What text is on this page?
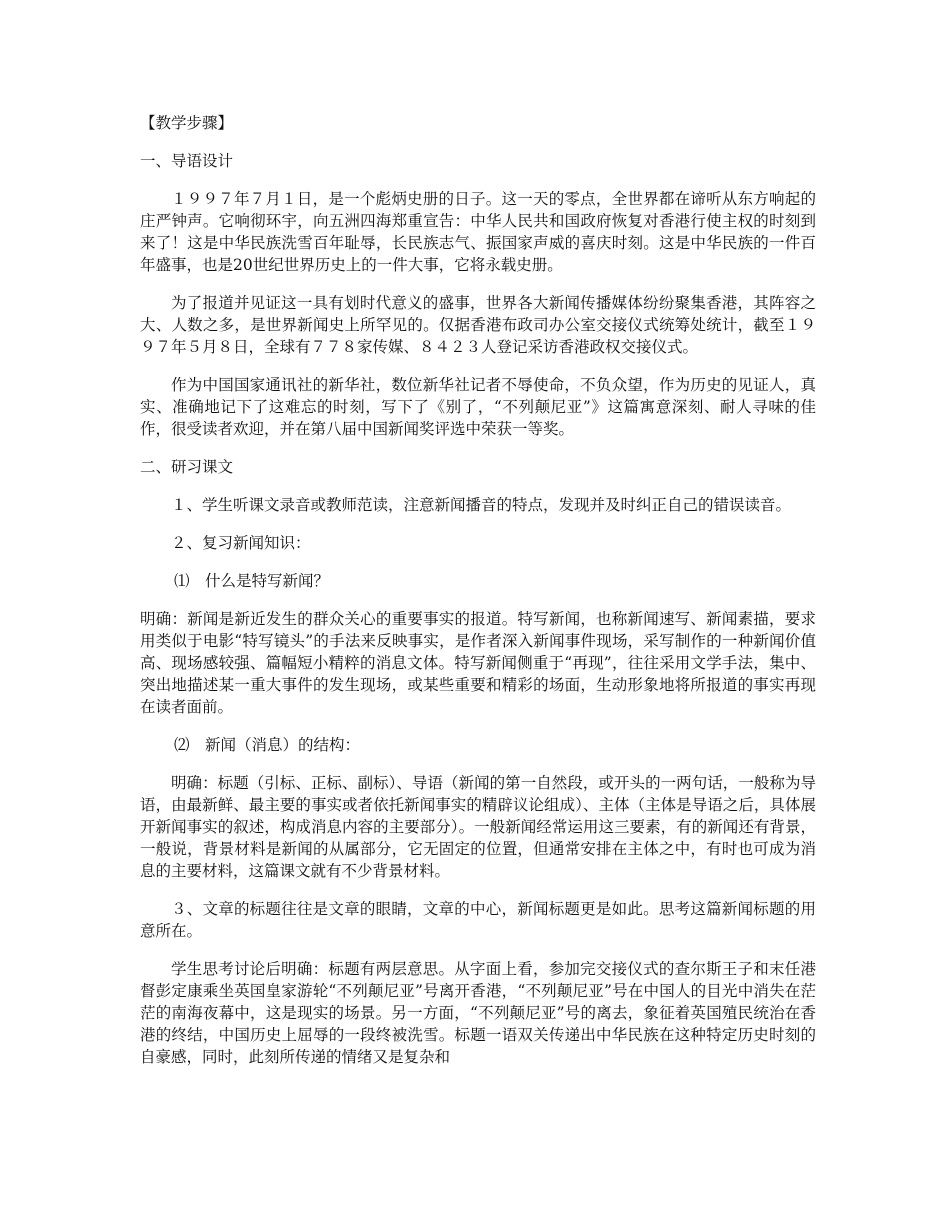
【教学步骤】

一、导语设计

１９９７年７月１日，是一个彪炳史册的日子。这一天的零点，全世界都在谛听从东方响起的庄严钟声。它响彻环宇，向五洲四海郑重宣告：中华人民共和国政府恢复对香港行使主权的时刻到来了！这是中华民族洗雪百年耻辱，长民族志气、振国家声威的喜庆时刻。这是中华民族的一件百年盛事，也是20世纪世界历史上的一件大事，它将永载史册。

为了报道并见证这一具有划时代意义的盛事，世界各大新闻传播媒体纷纷聚集香港，其阵容之大、人数之多，是世界新闻史上所罕见的。仅据香港布政司办公室交接仪式统筹处统计，截至１９９７年５月８日，全球有７７８家传媒、８４２３人登记采访香港政权交接仪式。

作为中国国家通讯社的新华社，数位新华社记者不辱使命，不负众望，作为历史的见证人，真实、准确地记下了这难忘的时刻，写下了《别了，“不列颠尼亚”》这篇寓意深刻、耐人寻味的佳作，很受读者欢迎，并在第八届中国新闻奖评选中荣获一等奖。

二、研习课文

１、学生听课文录音或教师范读，注意新闻播音的特点，发现并及时纠正自己的错误读音。

２、复习新闻知识：

⑴　什么是特写新闻？

明确：新闻是新近发生的群众关心的重要事实的报道。特写新闻，也称新闻速写、新闻素描，要求用类似于电影“特写镜头”的手法来反映事实，是作者深入新闻事件现场，采写制作的一种新闻价值高、现场感较强、篇幅短小精粹的消息文体。特写新闻侧重于“再现”，往往采用文学手法，集中、突出地描述某一重大事件的发生现场，或某些重要和精彩的场面，生动形象地将所报道的事实再现在读者面前。

⑵　新闻（消息）的结构：

明确：标题（引标、正标、副标）、导语（新闻的第一自然段，或开头的一两句话，一般称为导语，由最新鲜、最主要的事实或者依托新闻事实的精辟议论组成）、主体（主体是导语之后，具体展开新闻事实的叙述，构成消息内容的主要部分）。一般新闻经常运用这三要素，有的新闻还有背景，一般说，背景材料是新闻的从属部分，它无固定的位置，但通常安排在主体之中，有时也可成为消息的主要材料，这篇课文就有不少背景材料。

３、文章的标题往往是文章的眼睛，文章的中心，新闻标题更是如此。思考这篇新闻标题的用意所在。

学生思考讨论后明确：标题有两层意思。从字面上看，参加完交接仪式的查尔斯王子和末任港督彭定康乘坐英国皇家游轮“不列颠尼亚”号离开香港，“不列颠尼亚”号在中国人的目光中消失在茫茫的南海夜幕中，这是现实的场景。另一方面，“不列颠尼亚”号的离去，象征着英国殖民统治在香港的终结，中国历史上屈辱的一段终被洗雪。标题一语双关传递出中华民族在这种特定历史时刻的自豪感，同时，此刻所传递的情绪又是复杂和
